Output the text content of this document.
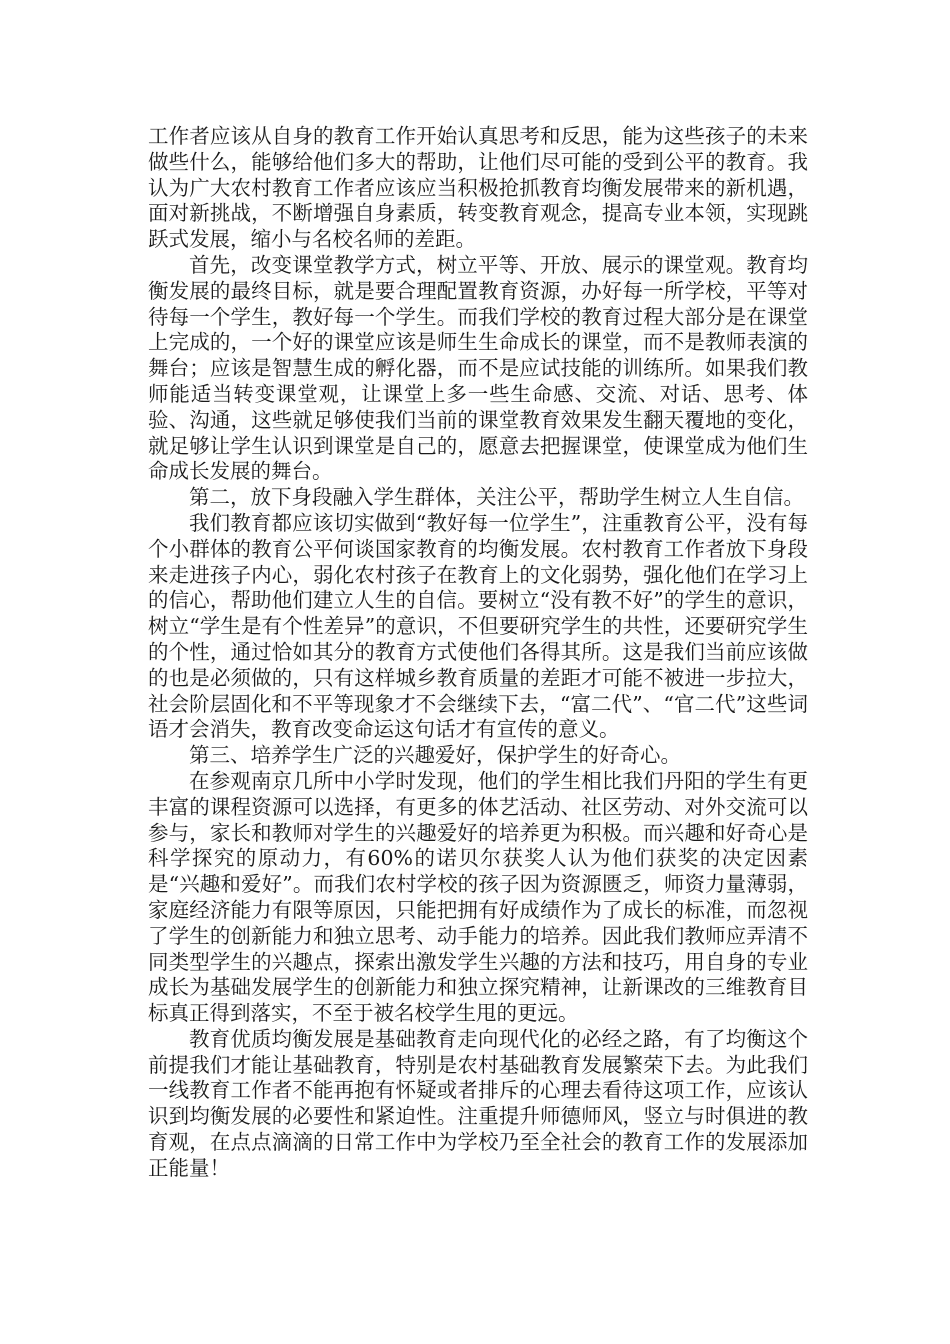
工作者应该从自身的教育工作开始认真思考和反思，能为这些孩子的未来做些什么，能够给他们多大的帮助，让他们尽可能的受到公平的教育。我认为广大农村教育工作者应该应当积极抢抓教育均衡发展带来的新机遇，面对新挑战，不断增强自身素质，转变教育观念，提高专业本领，实现跳跃式发展，缩小与名校名师的差距。

首先，改变课堂教学方式，树立平等、开放、展示的课堂观。教育均衡发展的最终目标，就是要合理配置教育资源，办好每一所学校，平等对待每一个学生，教好每一个学生。而我们学校的教育过程大部分是在课堂上完成的，一个好的课堂应该是师生生命成长的课堂，而不是教师表演的舞台；应该是智慧生成的孵化器，而不是应试技能的训练所。如果我们教师能适当转变课堂观，让课堂上多一些生命感、交流、对话、思考、体验、沟通，这些就足够使我们当前的课堂教育效果发生翻天覆地的变化，就足够让学生认识到课堂是自己的，愿意去把握课堂，使课堂成为他们生命成长发展的舞台。

第二，放下身段融入学生群体，关注公平，帮助学生树立人生自信。

我们教育都应该切实做到“教好每一位学生”，注重教育公平，没有每个小群体的教育公平何谈国家教育的均衡发展。农村教育工作者放下身段来走进孩子内心，弱化农村孩子在教育上的文化弱势，强化他们在学习上的信心，帮助他们建立人生的自信。要树立“没有教不好”的学生的意识，树立“学生是有个性差异”的意识，不但要研究学生的共性，还要研究学生的个性，通过恰如其分的教育方式使他们各得其所。这是我们当前应该做的也是必须做的，只有这样城乡教育质量的差距才可能不被进一步拉大，社会阶层固化和不平等现象才不会继续下去，“富二代”、“官二代”这些词语才会消失，教育改变命运这句话才有宣传的意义。

第三、培养学生广泛的兴趣爱好，保护学生的好奇心。

在参观南京几所中小学时发现，他们的学生相比我们丹阳的学生有更丰富的课程资源可以选择，有更多的体艺活动、社区劳动、对外交流可以参与，家长和教师对学生的兴趣爱好的培养更为积极。而兴趣和好奇心是科学探究的原动力，有60%的诺贝尔获奖人认为他们获奖的决定因素是“兴趣和爱好”。而我们农村学校的孩子因为资源匮乏，师资力量薄弱，家庭经济能力有限等原因，只能把拥有好成绩作为了成长的标准，而忽视了学生的创新能力和独立思考、动手能力的培养。因此我们教师应弄清不同类型学生的兴趣点，探索出激发学生兴趣的方法和技巧，用自身的专业成长为基础发展学生的创新能力和独立探究精神，让新课改的三维教育目标真正得到落实，不至于被名校学生甩的更远。

教育优质均衡发展是基础教育走向现代化的必经之路，有了均衡这个前提我们才能让基础教育，特别是农村基础教育发展繁荣下去。为此我们一线教育工作者不能再抱有怀疑或者排斥的心理去看待这项工作，应该认识到均衡发展的必要性和紧迫性。注重提升师德师风，竖立与时俱进的教育观，在点点滴滴的日常工作中为学校乃至全社会的教育工作的发展添加正能量！
